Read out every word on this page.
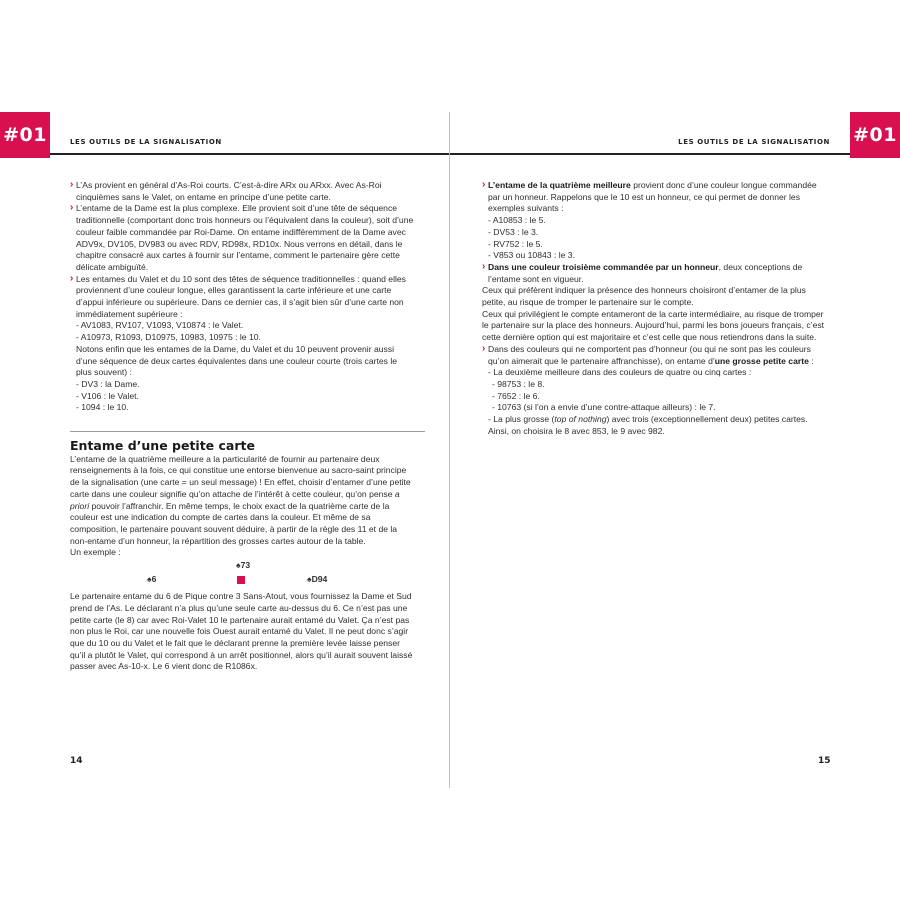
#01	#01
LES OUTILS DE LA SIGNALISATION	LES OUTILS DE LA SIGNALISATION

› L’As provient en général d’As-Roi courts. C’est-à-dire ARx ou ARxx. Avec As-Roi cinquièmes sans le Valet, on entame en principe d’une petite carte.

› L’entame de la Dame est la plus complexe. Elle provient soit d’une tête de séquence traditionnelle (comportant donc trois honneurs ou l’équivalent dans la couleur), soit d’une couleur faible commandée par Roi-Dame. On entame indifféremment de la Dame avec ADV9x, DV105, DV983 ou avec RDV, RD98x, RD10x. Nous verrons en détail, dans le chapitre consacré aux cartes à fournir sur l’entame, comment le partenaire gère cette délicate ambiguïté.

› Les entames du Valet et du 10 sont des têtes de séquence traditionnelles : quand elles proviennent d’une couleur longue, elles garantissent la carte inférieure et une carte d’appui inférieure ou supérieure. Dans ce dernier cas, il s’agit bien sûr d’une carte non immédiatement supérieure :

- AV1083, RV107, V1093, V10874 : le Valet.

- A1097​3, R1093, D10975, 10983, 10975 : le 10.

Notons enfin que les entames de la Dame, du Valet et du 10 peuvent provenir aussi d’une séquence de deux cartes équivalentes dans une couleur courte (trois cartes le plus souvent) :

- DV3 : la Dame.

- V106 : le Valet.

- 1094 : le 10.

Entame d’une petite carte

L’entame de la quatrième meilleure a la particularité de fournir au partenaire deux renseignements à la fois, ce qui constitue une entorse bienvenue au sacro-saint principe de la signalisation (une carte = un seul message) ! En effet, choisir d’entamer d’une petite carte dans une couleur signifie qu’on attache de l’intérêt à cette couleur, qu’on pense a priori pouvoir l’affranchir. En même temps, le choix exact de la quatrième carte de la couleur est une indication du compte de cartes dans la couleur. Et même de sa composition, le partenaire pouvant souvent déduire, à partir de la règle des 11 et de la non-entame d’un honneur, la répartition des grosses cartes autour de la table.

Un exemple :

♠73
♠6	♠D94

Le partenaire entame du 6 de Pique contre 3 Sans-Atout, vous fournissez la Dame et Sud prend de l’As. Le déclarant n’a plus qu’une seule carte au-dessus du 6. Ce n’est pas une petite carte (le 8) car avec Roi-Valet 10 le partenaire aurait entamé du Valet. Ça n’est pas non plus le Roi, car une nouvelle fois Ouest aurait entamé du Valet. Il ne peut donc s’agir que du 10 ou du Valet et le fait que le déclarant prenne la première levée laisse penser qu’il a plutôt le Valet, qui correspond à un arrêt positionnel, alors qu’il aurait souvent laissé passer avec As-10-x. Le 6 vient donc de R1086x.

› L’entame de la quatrième meilleure provient donc d’une couleur longue commandée par un honneur. Rappelons que le 10 est un honneur, ce qui permet de donner les exemples suivants :

- A10853 : le 5.

- DV53 : le 3.

- RV752 : le 5.

- V853 ou 10843 : le 3.

› Dans une couleur troisième commandée par un honneur, deux conceptions de l’entame sont en vigueur.

Ceux qui préfèrent indiquer la présence des honneurs choisiront d’entamer de la plus petite, au risque de tromper le partenaire sur le compte.

Ceux qui privilégient le compte entameront de la carte intermédiaire, au risque de tromper le partenaire sur la place des honneurs. Aujourd’hui, parmi les bons joueurs français, c’est cette dernière option qui est majoritaire et c’est celle que nous retiendrons dans la suite.

› Dans des couleurs qui ne comportent pas d’honneur (ou qui ne sont pas les couleurs qu’on aimerait que le partenaire affranchisse), on entame d’une grosse petite carte :

- La deuxième meilleure dans des couleurs de quatre ou cinq cartes :

- 98753 : le 8.

- 7652 : le 6.

- 10763 (si l’on a envie d’une contre-attaque ailleurs) : le 7.

- La plus grosse (top of nothing) avec trois (exceptionnellement deux) petites cartes. Ainsi, on choisira le 8 avec 853, le 9 avec 982.

14	15
